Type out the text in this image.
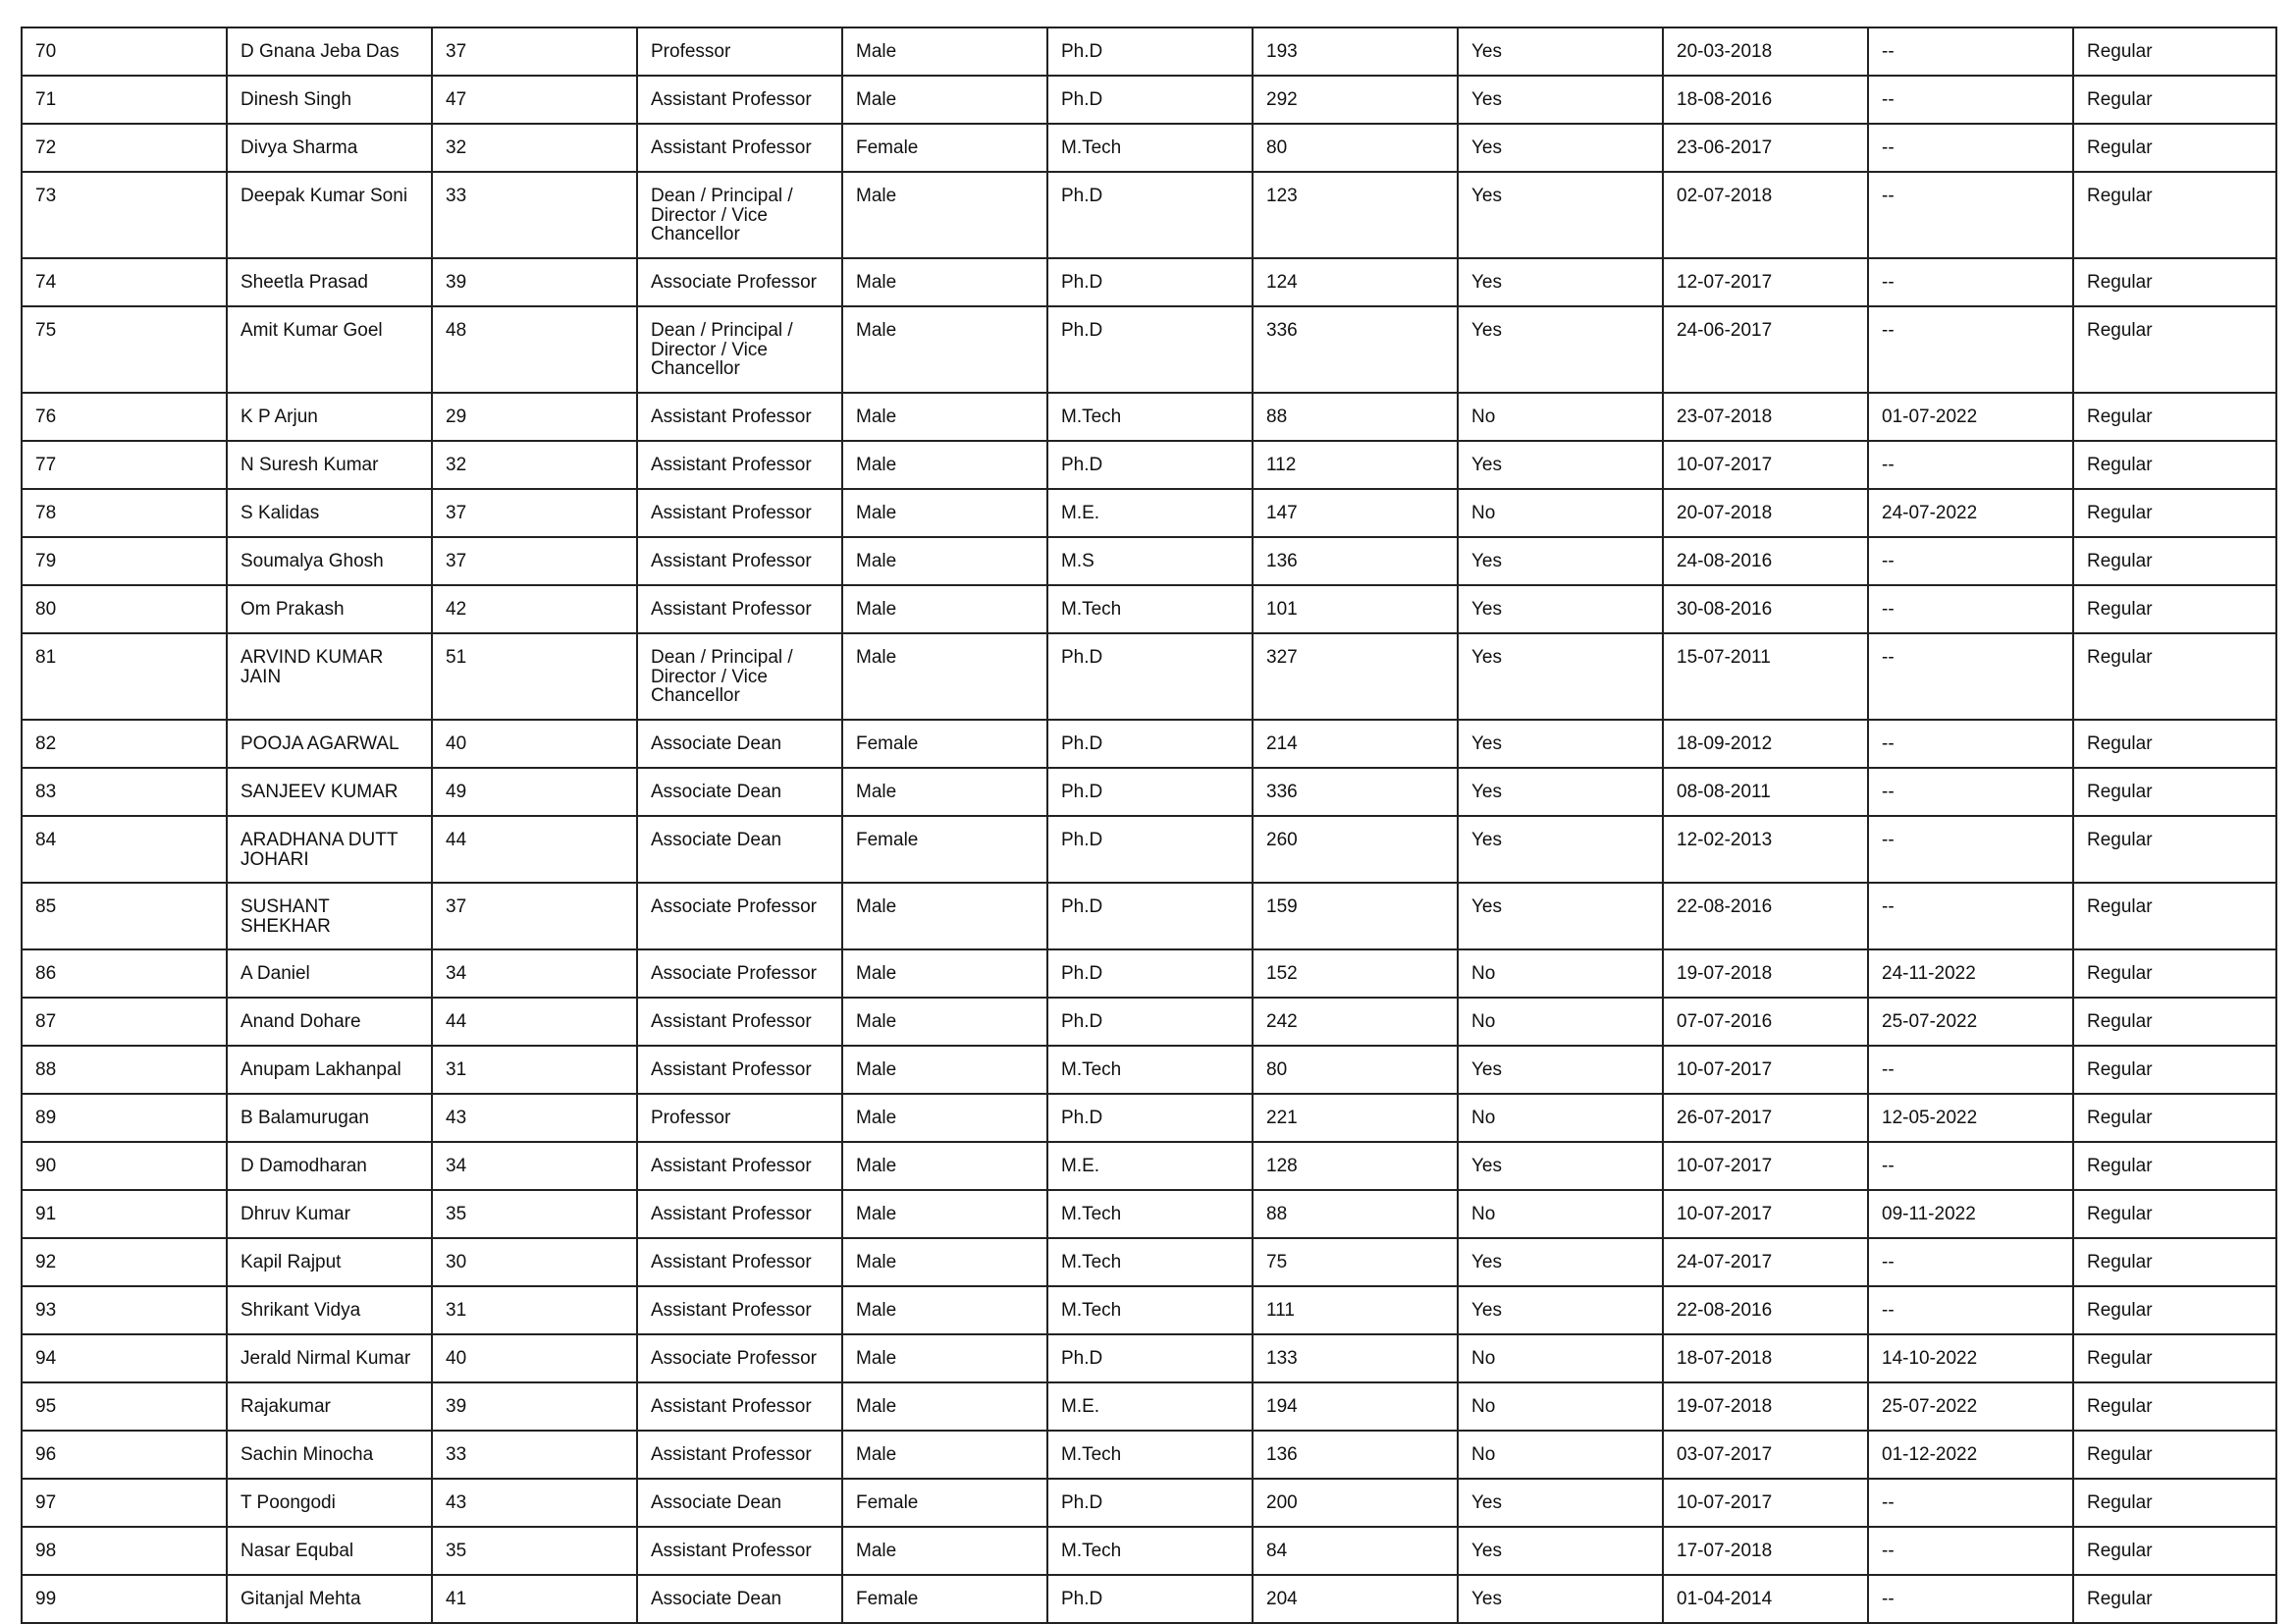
70	D Gnana Jeba Das	37	Professor	Male	Ph.D	193	Yes	20-03-2018	--	Regular
71	Dinesh Singh	47	Assistant Professor	Male	Ph.D	292	Yes	18-08-2016	--	Regular
72	Divya Sharma	32	Assistant Professor	Female	M.Tech	80	Yes	23-06-2017	--	Regular
73	Deepak Kumar Soni	33	Dean / Principal / Director / Vice Chancellor	Male	Ph.D	123	Yes	02-07-2018	--	Regular
74	Sheetla Prasad	39	Associate Professor	Male	Ph.D	124	Yes	12-07-2017	--	Regular
75	Amit Kumar Goel	48	Dean / Principal / Director / Vice Chancellor	Male	Ph.D	336	Yes	24-06-2017	--	Regular
76	K P Arjun	29	Assistant Professor	Male	M.Tech	88	No	23-07-2018	01-07-2022	Regular
77	N Suresh Kumar	32	Assistant Professor	Male	Ph.D	112	Yes	10-07-2017	--	Regular
78	S Kalidas	37	Assistant Professor	Male	M.E.	147	No	20-07-2018	24-07-2022	Regular
79	Soumalya Ghosh	37	Assistant Professor	Male	M.S	136	Yes	24-08-2016	--	Regular
80	Om Prakash	42	Assistant Professor	Male	M.Tech	101	Yes	30-08-2016	--	Regular
81	ARVIND KUMAR JAIN	51	Dean / Principal / Director / Vice Chancellor	Male	Ph.D	327	Yes	15-07-2011	--	Regular
82	POOJA AGARWAL	40	Associate Dean	Female	Ph.D	214	Yes	18-09-2012	--	Regular
83	SANJEEV KUMAR	49	Associate Dean	Male	Ph.D	336	Yes	08-08-2011	--	Regular
84	ARADHANA DUTT JOHARI	44	Associate Dean	Female	Ph.D	260	Yes	12-02-2013	--	Regular
85	SUSHANT SHEKHAR	37	Associate Professor	Male	Ph.D	159	Yes	22-08-2016	--	Regular
86	A Daniel	34	Associate Professor	Male	Ph.D	152	No	19-07-2018	24-11-2022	Regular
87	Anand Dohare	44	Assistant Professor	Male	Ph.D	242	No	07-07-2016	25-07-2022	Regular
88	Anupam Lakhanpal	31	Assistant Professor	Male	M.Tech	80	Yes	10-07-2017	--	Regular
89	B Balamurugan	43	Professor	Male	Ph.D	221	No	26-07-2017	12-05-2022	Regular
90	D Damodharan	34	Assistant Professor	Male	M.E.	128	Yes	10-07-2017	--	Regular
91	Dhruv Kumar	35	Assistant Professor	Male	M.Tech	88	No	10-07-2017	09-11-2022	Regular
92	Kapil Rajput	30	Assistant Professor	Male	M.Tech	75	Yes	24-07-2017	--	Regular
93	Shrikant Vidya	31	Assistant Professor	Male	M.Tech	111	Yes	22-08-2016	--	Regular
94	Jerald Nirmal Kumar	40	Associate Professor	Male	Ph.D	133	No	18-07-2018	14-10-2022	Regular
95	Rajakumar	39	Assistant Professor	Male	M.E.	194	No	19-07-2018	25-07-2022	Regular
96	Sachin Minocha	33	Assistant Professor	Male	M.Tech	136	No	03-07-2017	01-12-2022	Regular
97	T Poongodi	43	Associate Dean	Female	Ph.D	200	Yes	10-07-2017	--	Regular
98	Nasar Equbal	35	Assistant Professor	Male	M.Tech	84	Yes	17-07-2018	--	Regular
99	Gitanjal Mehta	41	Associate Dean	Female	Ph.D	204	Yes	01-04-2014	--	Regular
